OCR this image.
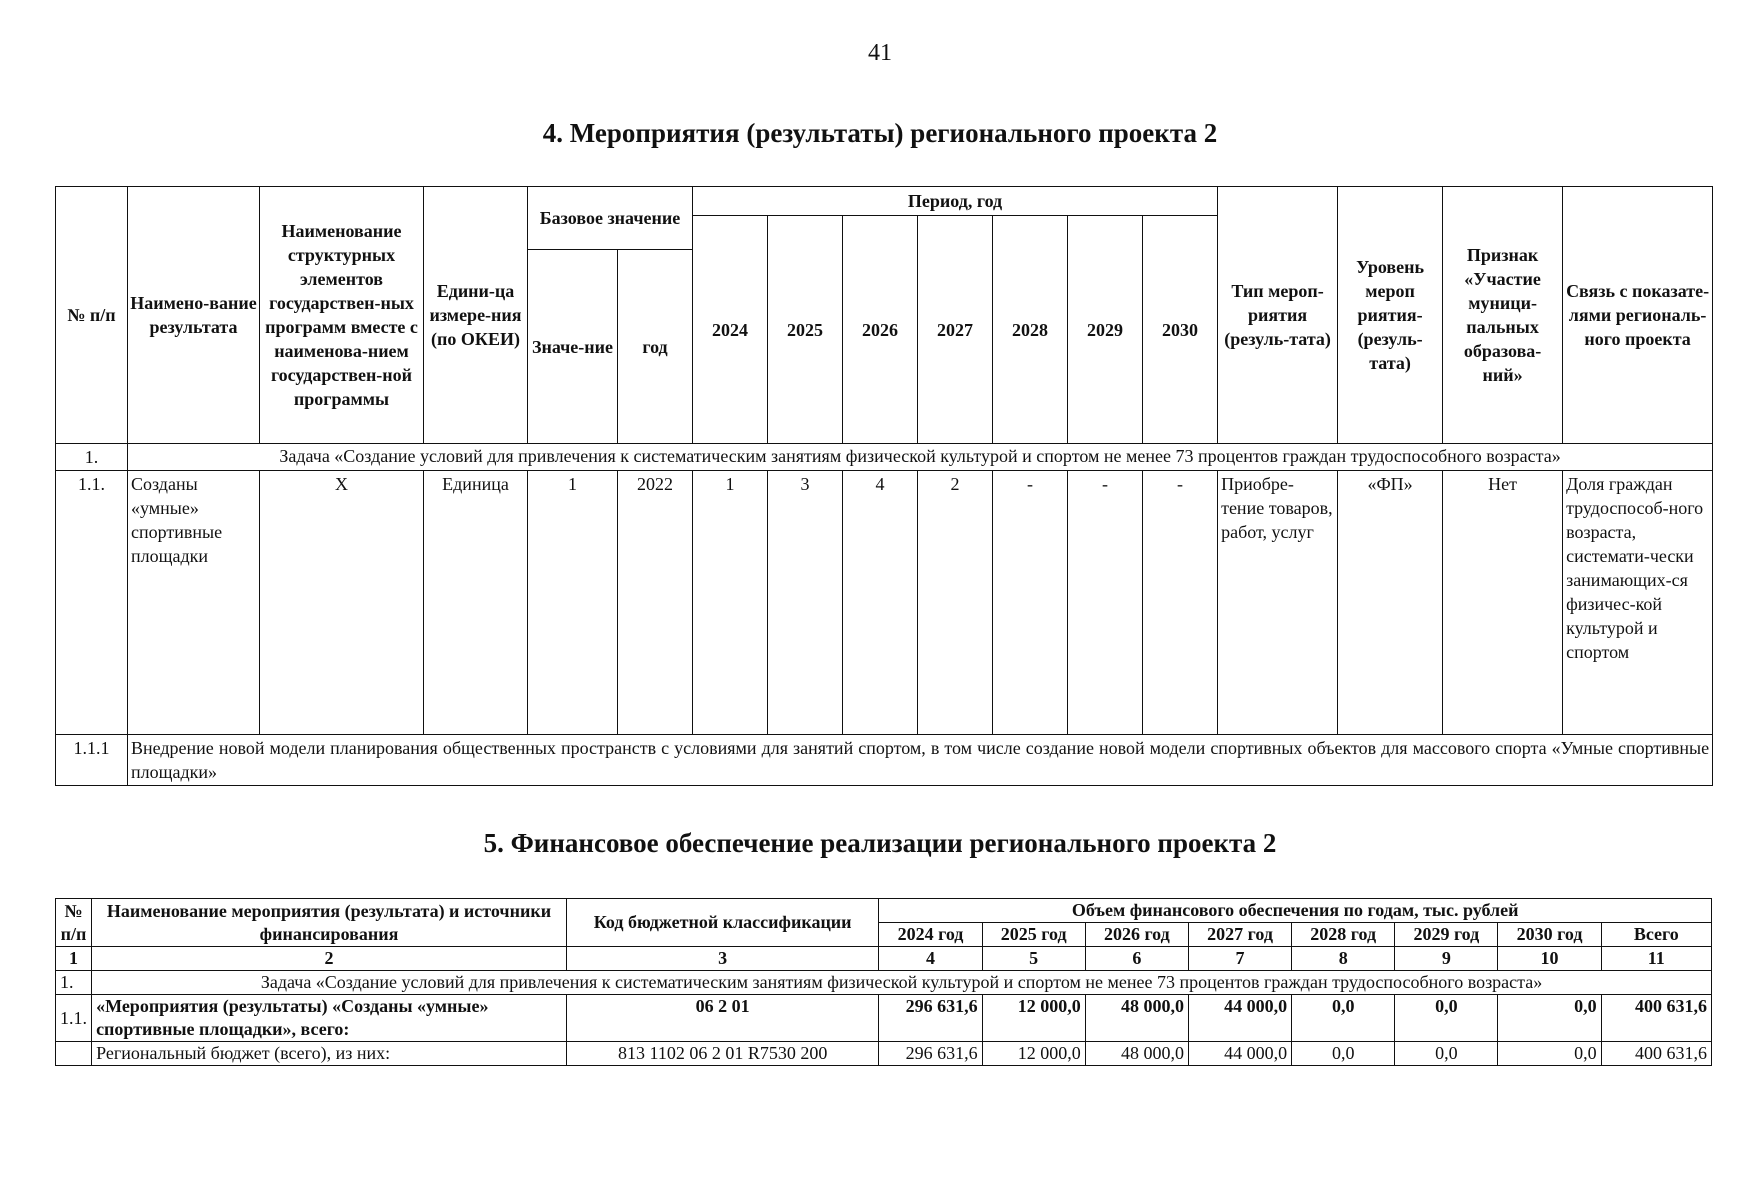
41
4. Мероприятия (результаты) регионального проекта 2
№ п/п	Наимено-вание результата	Наименование структурных элементов государствен-ных программ вместе с наименова-нием государствен-ной программы	Едини-ца измере-ния (по ОКЕИ)	Базовое значение		Период, год							Тип мероп-риятия (резуль-тата)	Уровень мероп риятия-(резуль-тата)	Признак «Участие муници-пальных образова-ний»	Связь с показате-лями региональ-ного проекта
						2024	2025	2026	2027	2028	2029	2030				
				Значе-ние	год											
1.	Задача «Создание условий для привлечения к систематическим занятиям физической культурой и спортом не менее 73 процентов граждан трудоспособного возраста»															
1.1.	Созданы «умные» спортивные площадки	Х	Единица	1	2022	1	3	4	2	-	-	-	Приобре-тение товаров, работ, услуг	«ФП»	Нет	Доля граждан трудоспособ-ного возраста, системати-чески занимающих-ся физичес-кой культурой и спортом
1.1.1	Внедрение новой модели планирования общественных пространств с условиями для занятий спортом, в том числе создание новой модели спортивных объектов для массового спорта «Умные спортивные площадки»															
5. Финансовое обеспечение реализации регионального проекта 2
№ п/п	Наименование мероприятия (результата) и источники финансирования	Код бюджетной классификации	Объем финансового обеспечения по годам, тыс. рублей							
			2024 год	2025 год	2026 год	2027 год	2028 год	2029 год	2030 год	Всего
1	2	3	4	5	6	7	8	9	10	11
1.	Задача «Создание условий для привлечения к систематическим занятиям физической культурой и спортом не менее 73 процентов граждан трудоспособного возраста»									
1.1.	«Мероприятия (результаты) «Созданы «умные» спортивные площадки», всего:	06 2 01	296 631,6	12 000,0	48 000,0	44 000,0	0,0	0,0	0,0	400 631,6
	Региональный бюджет (всего), из них:	813 1102 06 2 01 R7530 200	296 631,6	12 000,0	48 000,0	44 000,0	0,0	0,0	0,0	400 631,6
